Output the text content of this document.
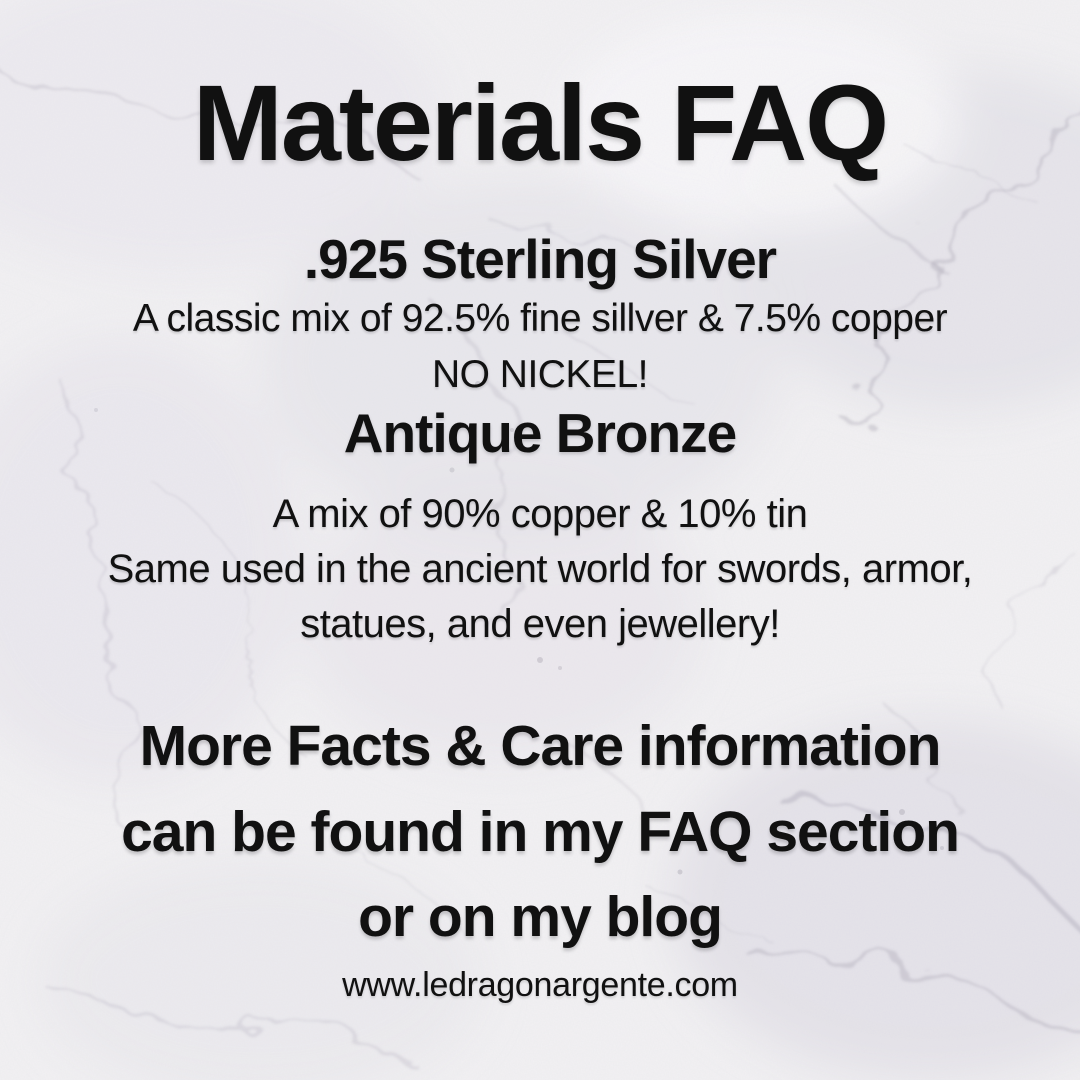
Materials FAQ
.925 Sterling Silver

A classic mix of 92.5% fine sillver & 7.5% copper

NO NICKEL!

Antique Bronze

A mix of 90% copper & 10% tin

Same used in the ancient world for swords, armor,

statues, and even jewellery!

More Facts & Care information
can be found in my FAQ section
or on my blog

www.ledragonargente.com
